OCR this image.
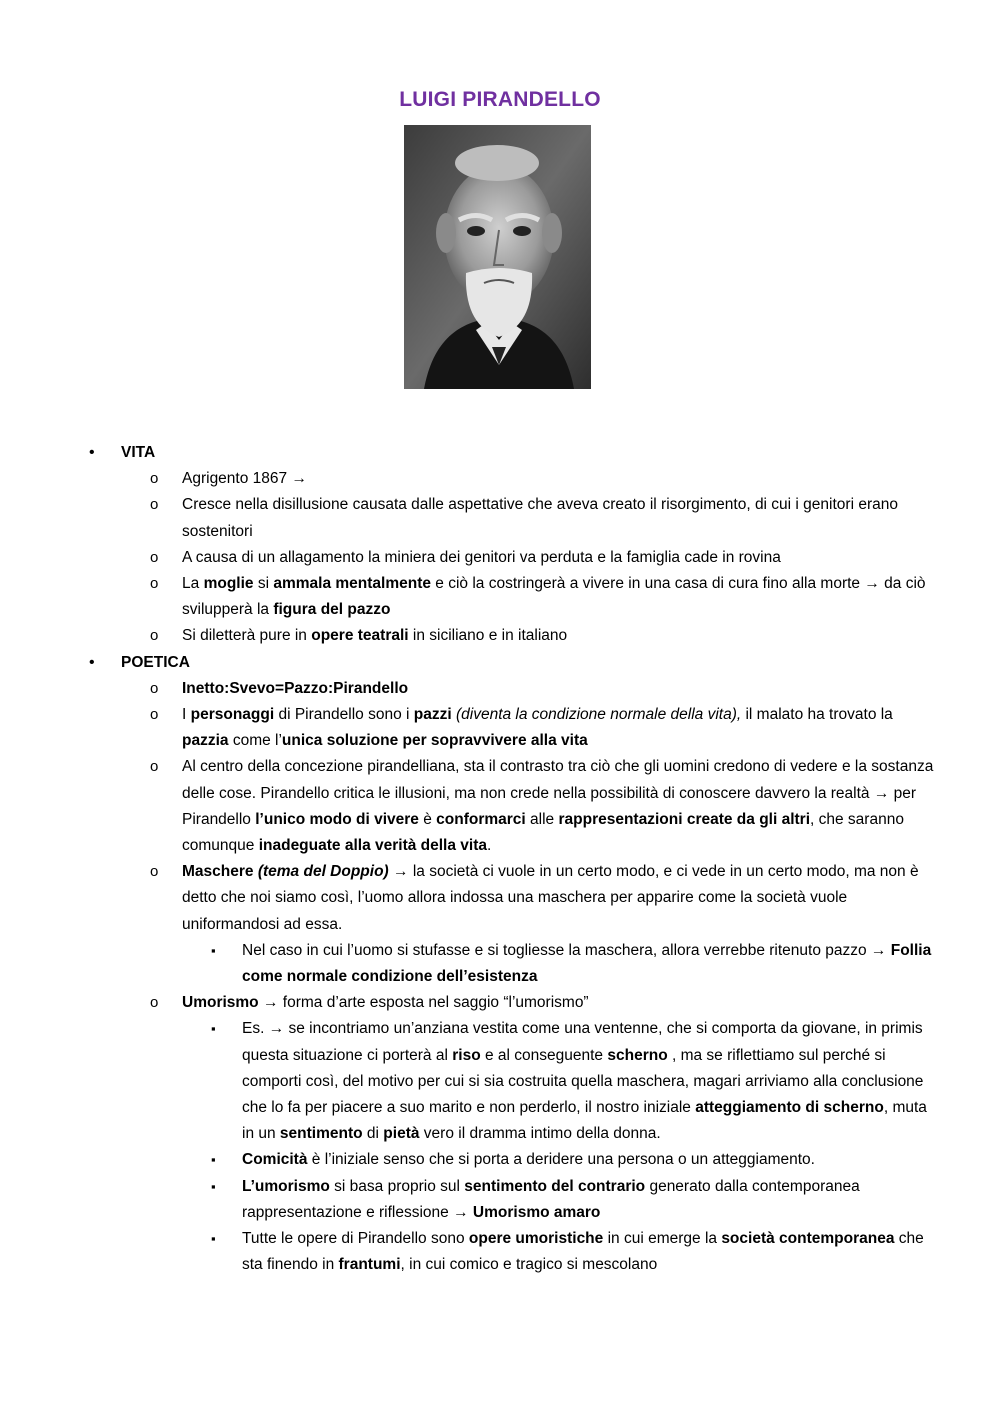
LUIGI PIRANDELLO
• VITA
o Agrigento 1867 →
o Cresce nella disillusione causata dalle aspettative che aveva creato il risorgimento, di cui i genitori erano sostenitori
o A causa di un allagamento la miniera dei genitori va perduta e la famiglia cade in rovina
o La moglie si ammala mentalmente e ciò la costringerà a vivere in una casa di cura fino alla morte → da ciò svilupperà la figura del pazzo
o Si diletterà pure in opere teatrali in siciliano e in italiano
• POETICA
o Inetto:Svevo=Pazzo:Pirandello
o I personaggi di Pirandello sono i pazzi (diventa la condizione normale della vita), il malato ha trovato la pazzia come l’unica soluzione per sopravvivere alla vita
o Al centro della concezione pirandelliana, sta il contrasto tra ciò che gli uomini credono di vedere e la sostanza delle cose. Pirandello critica le illusioni, ma non crede nella possibilità di conoscere davvero la realtà → per Pirandello l’unico modo di vivere è conformarci alle rappresentazioni create da gli altri, che saranno comunque inadeguate alla verità della vita.
o Maschere (tema del Doppio) → la società ci vuole in un certo modo, e ci vede in un certo modo, ma non è detto che noi siamo così, l’uomo allora indossa una maschera per apparire come la società vuole uniformandosi ad essa.
▪ Nel caso in cui l’uomo si stufasse e si togliesse la maschera, allora verrebbe ritenuto pazzo → Follia come normale condizione dell’esistenza
o Umorismo → forma d’arte esposta nel saggio “l’umorismo”
▪ Es. → se incontriamo un’anziana vestita come una ventenne, che si comporta da giovane, in primis questa situazione ci porterà al riso e al conseguente scherno , ma se riflettiamo sul perché si comporti così, del motivo per cui si sia costruita quella maschera, magari arriviamo alla conclusione che lo fa per piacere a suo marito e non perderlo, il nostro iniziale atteggiamento di scherno, muta in un sentimento di pietà vero il dramma intimo della donna.
▪ Comicità è l’iniziale senso che si porta a deridere una persona o un atteggiamento.
▪ L’umorismo si basa proprio sul sentimento del contrario generato dalla contemporanea rappresentazione e riflessione → Umorismo amaro
▪ Tutte le opere di Pirandello sono opere umoristiche in cui emerge la società contemporanea che sta finendo in frantumi, in cui comico e tragico si mescolano
